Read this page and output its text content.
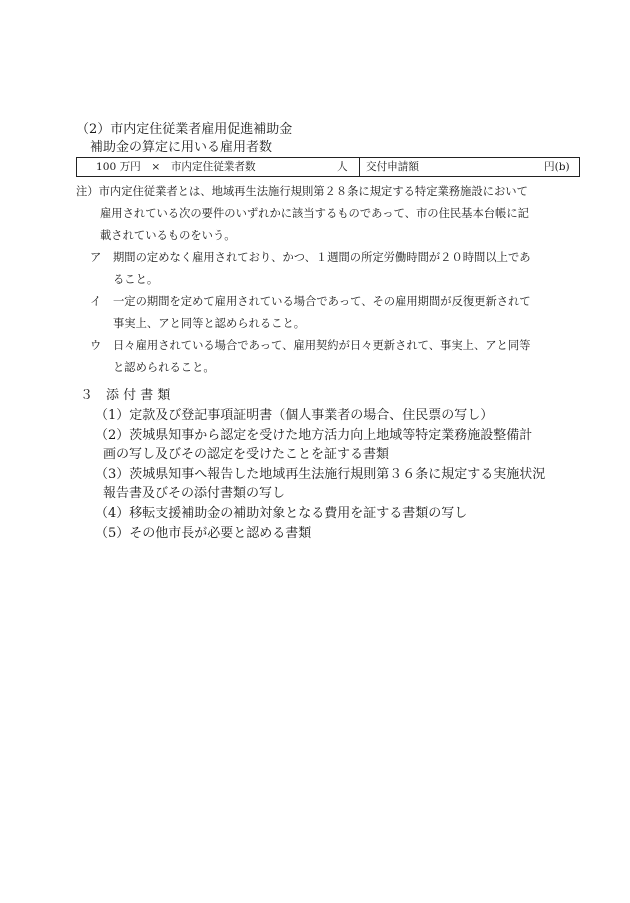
（2）市内定住従業者雇用促進補助金
補助金の算定に用いる雇用者数
100 万円　×　市内定住従業者数	人 交付申請額	円(b)
注）市内定住従業者とは、地域再生法施行規則第２８条に規定する特定業務施設において
雇用されている次の要件のいずれかに該当するものであって、市の住民基本台帳に記
載されているものをいう。
ア 期間の定めなく雇用されており、かつ、１週間の所定労働時間が２０時間以上であ
ること。
イ 一定の期間を定めて雇用されている場合であって、その雇用期間が反復更新されて
事実上、アと同等と認められること。
ウ 日々雇用されている場合であって、雇用契約が日々更新されて、事実上、アと同等
と認められること。
３　添 付 書 類
（1）定款及び登記事項証明書（個人事業者の場合、住民票の写し）
（2）茨城県知事から認定を受けた地方活力向上地域等特定業務施設整備計
画の写し及びその認定を受けたことを証する書類
（3）茨城県知事へ報告した地域再生法施行規則第３６条に規定する実施状況
報告書及びその添付書類の写し
（4）移転支援補助金の補助対象となる費用を証する書類の写し
（5）その他市長が必要と認める書類
